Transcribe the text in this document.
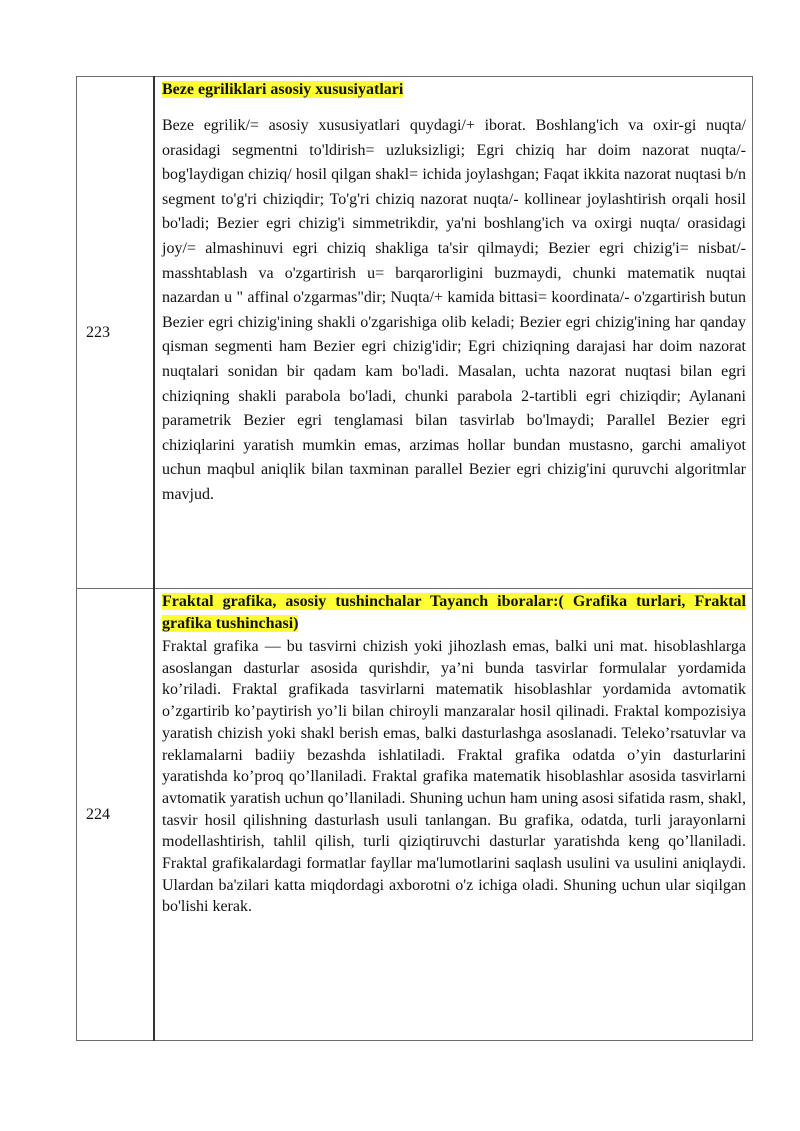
223	Beze egriliklari asosiy xususiyatlari
Beze egrilik/= asosiy xususiyatlari quydagi/+ iborat. Boshlang'ich va oxir-gi nuqta/ orasidagi segmentni to'ldirish= uzluksizligi; Egri chiziq har doim nazorat nuqta/- bog'laydigan chiziq/ hosil qilgan shakl= ichida joylashgan; Faqat ikkita nazorat nuqtasi b/n segment to'g'ri chiziqdir; To'g'ri chiziq nazorat nuqta/- kollinear joylashtirish orqali hosil bo'ladi; Bezier egri chizig'i simmetrikdir, ya'ni boshlang'ich va oxirgi nuqta/ orasidagi joy/= almashinuvi egri chiziq shakliga ta'sir qilmaydi; Bezier egri chizig'i= nisbat/- masshtablash va o'zgartirish u= barqarorligini buzmaydi, chunki matematik nuqtai nazardan u " affinal o'zgarmas"dir; Nuqta/+ kamida bittasi= koordinata/- o'zgartirish butun Bezier egri chizig'ining shakli o'zgarishiga olib keladi; Bezier egri chizig'ining har qanday qisman segmenti ham Bezier egri chizig'idir; Egri chiziqning darajasi har doim nazorat nuqtalari sonidan bir qadam kam bo'ladi. Masalan, uchta nazorat nuqtasi bilan egri chiziqning shakli parabola bo'ladi, chunki parabola 2-tartibli egri chiziqdir; Aylanani parametrik Bezier egri tenglamasi bilan tasvirlab bo'lmaydi; Parallel Bezier egri chiziqlarini yaratish mumkin emas, arzimas hollar bundan mustasno, garchi amaliyot uchun maqbul aniqlik bilan taxminan parallel Bezier egri chizig'ini quruvchi algoritmlar mavjud.

224	Fraktal grafika, asosiy tushinchalar Tayanch iboralar:( Grafika turlari, Fraktal grafika tushinchasi)
Fraktal grafika — bu tasvirni chizish yoki jihozlash emas, balki uni mat. hisoblashlarga asoslangan dasturlar asosida qurishdir, ya’ni bunda tasvirlar formulalar yordamida ko’riladi. Fraktal grafikada tasvirlarni matematik hisoblashlar yordamida avtomatik o’zgartirib ko’paytirish yo’li bilan chiroyli manzaralar hosil qilinadi. Fraktal kompozisiya yaratish chizish yoki shakl berish emas, balki dasturlashga asoslanadi. Teleko’rsatuvlar va reklamalarni badiiy bezashda ishlatiladi. Fraktal grafika odatda o’yin dasturlarini yaratishda ko’proq qo’llaniladi. Fraktal grafika matematik hisoblashlar asosida tasvirlarni avtomatik yaratish uchun qo’llaniladi. Shuning uchun ham uning asosi sifatida rasm, shakl, tasvir hosil qilishning dasturlash usuli tanlangan. Bu grafika, odatda, turli jarayonlarni modellashtirish, tahlil qilish, turli qiziqtiruvchi dasturlar yaratishda keng qo’llaniladi. Fraktal grafikalardagi formatlar fayllar ma'lumotlarini saqlash usulini va usulini aniqlaydi. Ulardan ba'zilari katta miqdordagi axborotni o'z ichiga oladi. Shuning uchun ular siqilgan bo'lishi kerak.
